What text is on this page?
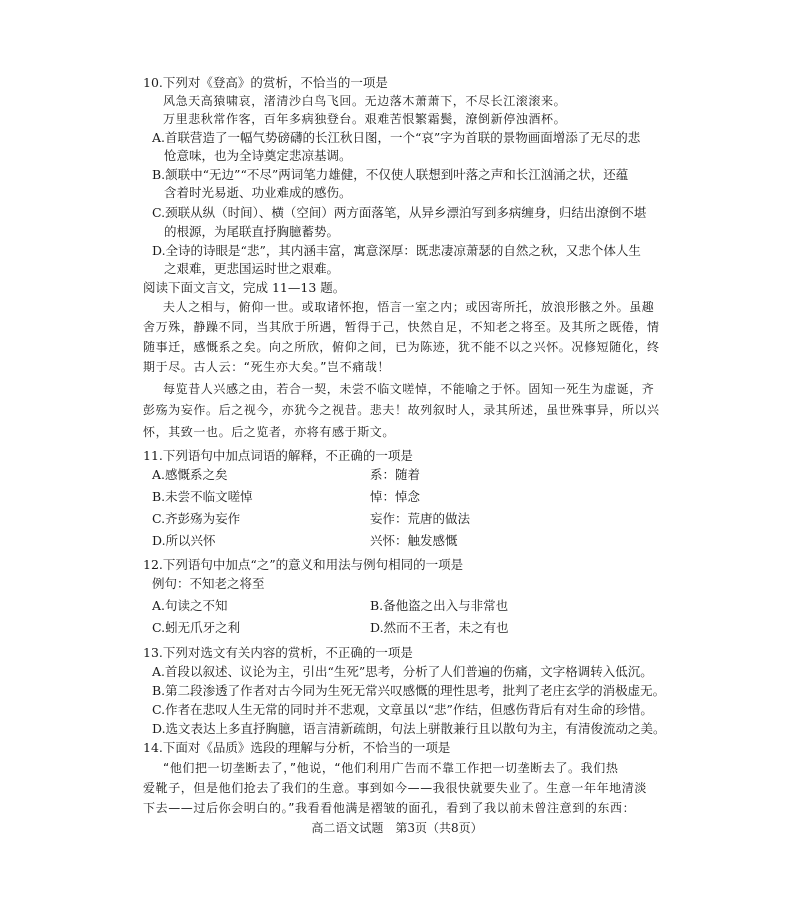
10.下列对《登高》的赏析，不恰当的一项是
风急天高猿啸哀，渚清沙白鸟飞回。无边落木萧萧下，不尽长江滚滚来。
万里悲秋常作客，百年多病独登台。艰难苦恨繁霜鬓，潦倒新停浊酒杯。
A.首联营造了一幅气势磅礴的长江秋日图，一个“哀”字为首联的景物画面增添了无尽的悲
怆意味，也为全诗奠定悲凉基调。
B.颔联中“无边”“不尽”两词笔力雄健，不仅使人联想到叶落之声和长江汹涌之状，还蕴
含着时光易逝、功业难成的感伤。
C.颈联从纵（时间）、横（空间）两方面落笔，从异乡漂泊写到多病缠身，归结出潦倒不堪
的根源，为尾联直抒胸臆蓄势。
D.全诗的诗眼是“悲”，其内涵丰富，寓意深厚：既悲凄凉萧瑟的自然之秋，又悲个体人生
之艰难，更悲国运时世之艰难。
阅读下面文言文，完成 11—13 题。
夫人之相与，俯仰一世。或取诸怀抱，悟言一室之内；或因寄所托，放浪形骸之外。虽趣
舍万殊，静躁不同，当其欣于所遇，暂得于己，快然自足，不知老之将至。及其所之既倦，情
随事迁，感慨系之矣。向之所欣，俯仰之间，已为陈迹，犹不能不以之兴怀。况修短随化，终
期于尽。古人云：“死生亦大矣。”岂不痛哉！
每览昔人兴感之由，若合一契，未尝不临文嗟悼，不能喻之于怀。固知一死生为虚诞，齐
彭殇为妄作。后之视今，亦犹今之视昔。悲夫！故列叙时人，录其所述，虽世殊事异，所以兴
怀，其致一也。后之览者，亦将有感于斯文。
11.下列语句中加点词语的解释，不正确的一项是
A.感慨系之矣	系：随着
B.未尝不临文嗟悼	悼：悼念
C.齐彭殇为妄作	妄作：荒唐的做法
D.所以兴怀	兴怀：触发感慨
12.下列语句中加点“之”的意义和用法与例句相同的一项是
例句：不知老之将至
A.句读之不知	B.备他盗之出入与非常也
C.蚓无爪牙之利	D.然而不王者，未之有也
13.下列对选文有关内容的赏析，不正确的一项是
A.首段以叙述、议论为主，引出“生死”思考，分析了人们普遍的伤痛，文字格调转入低沉。
B.第二段渗透了作者对古今同为生死无常兴叹感慨的理性思考，批判了老庄玄学的消极虚无。
C.作者在悲叹人生无常的同时并不悲观，文章虽以“悲”作结，但感伤背后有对生命的珍惜。
D.选文表达上多直抒胸臆，语言清新疏朗，句法上骈散兼行且以散句为主，有清俊流动之美。
14.下面对《品质》选段的理解与分析，不恰当的一项是
“他们把一切垄断去了，”他说，“他们利用广告而不靠工作把一切垄断去了。我们热
爱靴子，但是他们抢去了我们的生意。事到如今——我很快就要失业了。生意一年年地清淡
下去——过后你会明白的。”我看看他满是褶皱的面孔，看到了我以前未曾注意到的东西：
高二语文试题　第3页（共8页）
